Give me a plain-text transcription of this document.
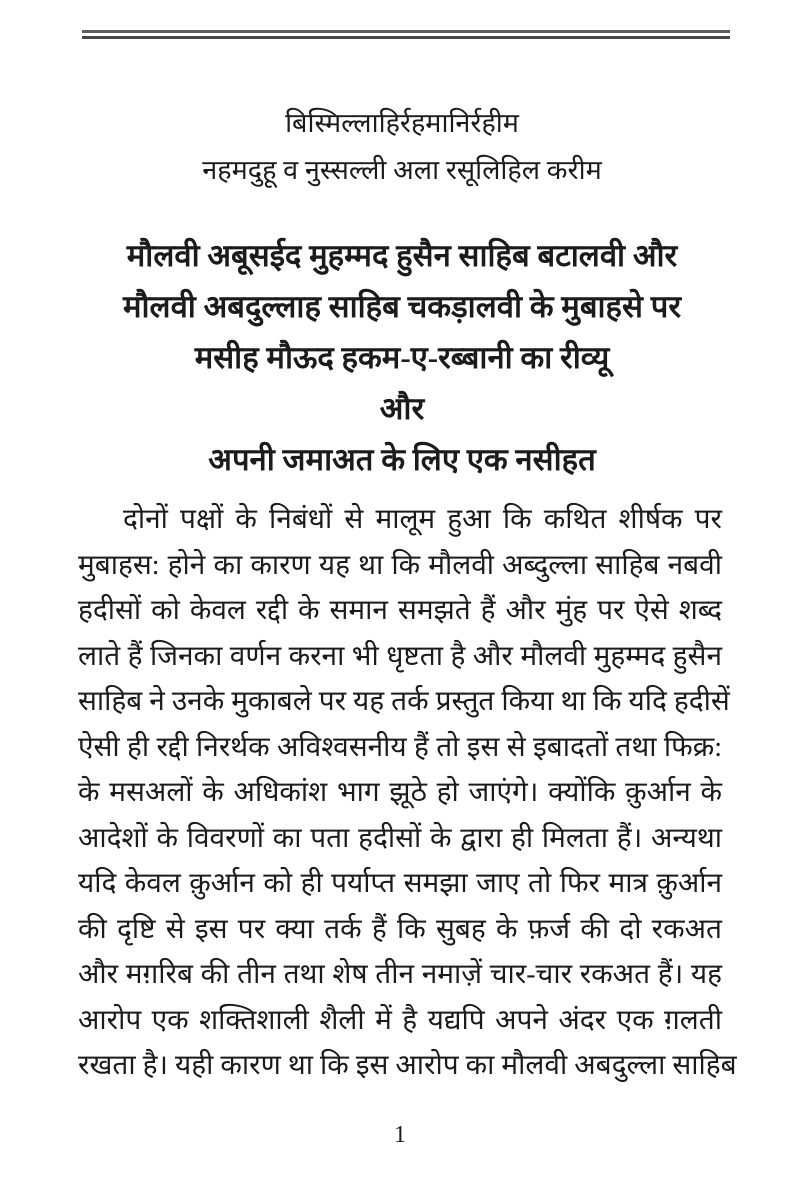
बिस्मिल्लाहिर्रहमानिर्रहीम
नहमदुहू व नुस्सल्ली अला रसूलिहिल करीम
मौलवी अबूसईद मुहम्मद हुसैन साहिब बटालवी और
मौलवी अबदुल्लाह साहिब चकड़ालवी के मुबाहसे पर
मसीह मौऊद हकम-ए-रब्बानी का रीव्यू
और
अपनी जमाअत के लिए एक नसीहत
दोनों पक्षों के निबंधों से मालूम हुआ कि कथित शीर्षक पर
मुबाहस: होने का कारण यह था कि मौलवी अब्दुल्ला साहिब नबवी
हदीसों को केवल रद्दी के समान समझते हैं और मुंह पर ऐसे शब्द
लाते हैं जिनका वर्णन करना भी धृष्टता है और मौलवी मुहम्मद हुसैन
साहिब ने उनके मुकाबले पर यह तर्क प्रस्तुत किया था कि यदि हदीसें
ऐसी ही रद्दी निरर्थक अविश्वसनीय हैं तो इस से इबादतों तथा फिक्र:
के मसअलों के अधिकांश भाग झूठे हो जाएंगे। क्योंकि क़ुर्आन के
आदेशों के विवरणों का पता हदीसों के द्वारा ही मिलता हैं। अन्यथा
यदि केवल क़ुर्आन को ही पर्याप्त समझा जाए तो फिर मात्र क़ुर्आन
की दृष्टि से इस पर क्या तर्क हैं कि सुबह के फ़र्ज की दो रकअत
और मग़रिब की तीन तथा शेष तीन नमाज़ें चार-चार रकअत हैं। यह
आरोप एक शक्तिशाली शैली में है यद्यपि अपने अंदर एक ग़लती
रखता है। यही कारण था कि इस आरोप का मौलवी अबदुल्ला साहिब
1
